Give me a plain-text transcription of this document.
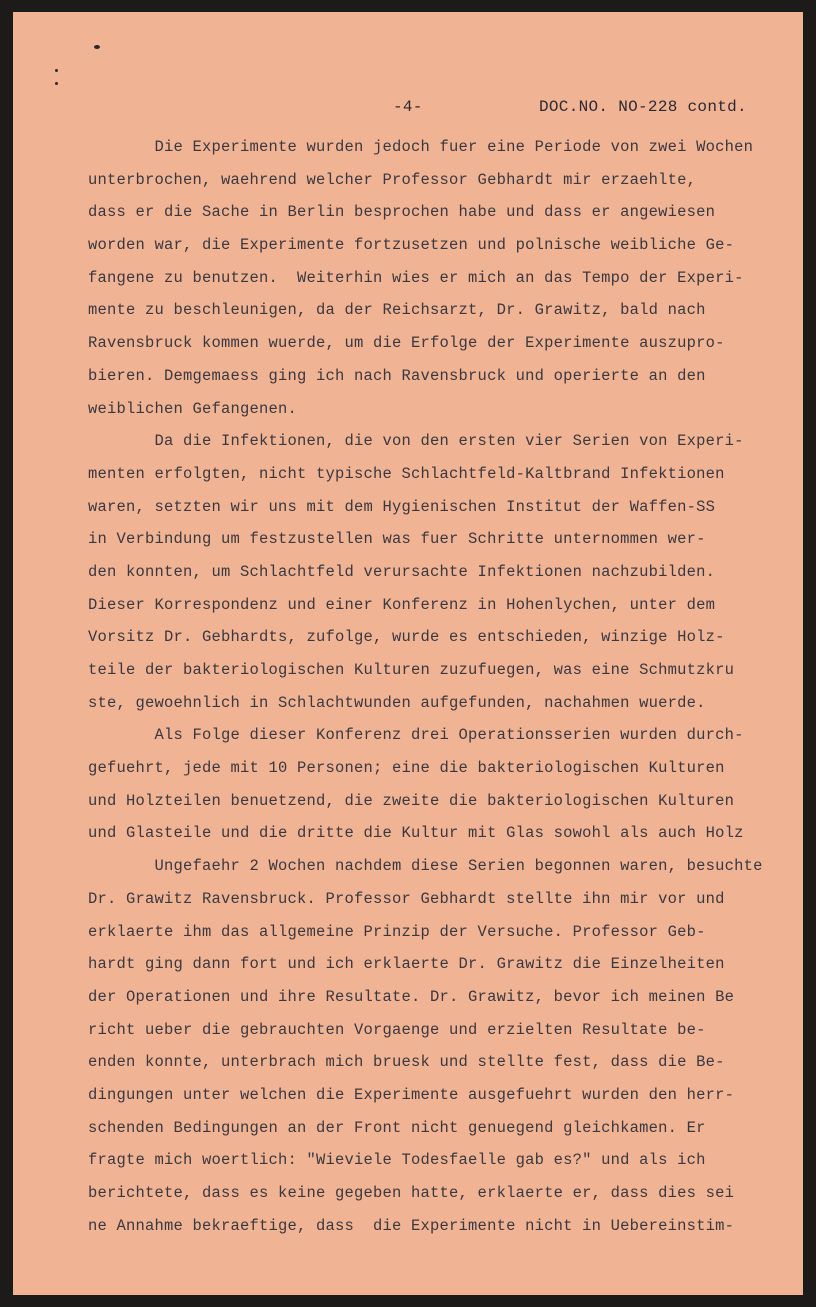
-4-	DOC.NO. NO-228 contd.
Die Experimente wurden jedoch fuer eine Periode von zwei Wochen
unterbrochen, waehrend welcher Professor Gebhardt mir erzaehlte,
dass er die Sache in Berlin besprochen habe und dass er angewiesen
worden war, die Experimente fortzusetzen und polnische weibliche Ge-
fangene zu benutzen.  Weiterhin wies er mich an das Tempo der Experi-
mente zu beschleunigen, da der Reichsarzt, Dr. Grawitz, bald nach
Ravensbruck kommen wuerde, um die Erfolge der Experimente auszupro-
bieren. Demgemaess ging ich nach Ravensbruck und operierte an den
weiblichen Gefangenen.
Da die Infektionen, die von den ersten vier Serien von Experi-
menten erfolgten, nicht typische Schlachtfeld-Kaltbrand Infektionen
waren, setzten wir uns mit dem Hygienischen Institut der Waffen-SS
in Verbindung um festzustellen was fuer Schritte unternommen wer-
den konnten, um Schlachtfeld verursachte Infektionen nachzubilden.
Dieser Korrespondenz und einer Konferenz in Hohenlychen, unter dem
Vorsitz Dr. Gebhardts, zufolge, wurde es entschieden, winzige Holz-
teile der bakteriologischen Kulturen zuzufuegen, was eine Schmutzkru
ste, gewoehnlich in Schlachtwunden aufgefunden, nachahmen wuerde.
Als Folge dieser Konferenz drei Operationsserien wurden durch-
gefuehrt, jede mit 10 Personen; eine die bakteriologischen Kulturen
und Holzteilen benuetzend, die zweite die bakteriologischen Kulturen
und Glasteile und die dritte die Kultur mit Glas sowohl als auch Holz
Ungefaehr 2 Wochen nachdem diese Serien begonnen waren, besuchte
Dr. Grawitz Ravensbruck. Professor Gebhardt stellte ihn mir vor und
erklaerte ihm das allgemeine Prinzip der Versuche. Professor Geb-
hardt ging dann fort und ich erklaerte Dr. Grawitz die Einzelheiten
der Operationen und ihre Resultate. Dr. Grawitz, bevor ich meinen Be
richt ueber die gebrauchten Vorgaenge und erzielten Resultate be-
enden konnte, unterbrach mich bruesk und stellte fest, dass die Be-
dingungen unter welchen die Experimente ausgefuehrt wurden den herr-
schenden Bedingungen an der Front nicht genuegend gleichkamen. Er
fragte mich woertlich: "Wieviele Todesfaelle gab es?" und als ich
berichtete, dass es keine gegeben hatte, erklaerte er, dass dies sei
ne Annahme bekraeftige, dass  die Experimente nicht in Uebereinstim-
